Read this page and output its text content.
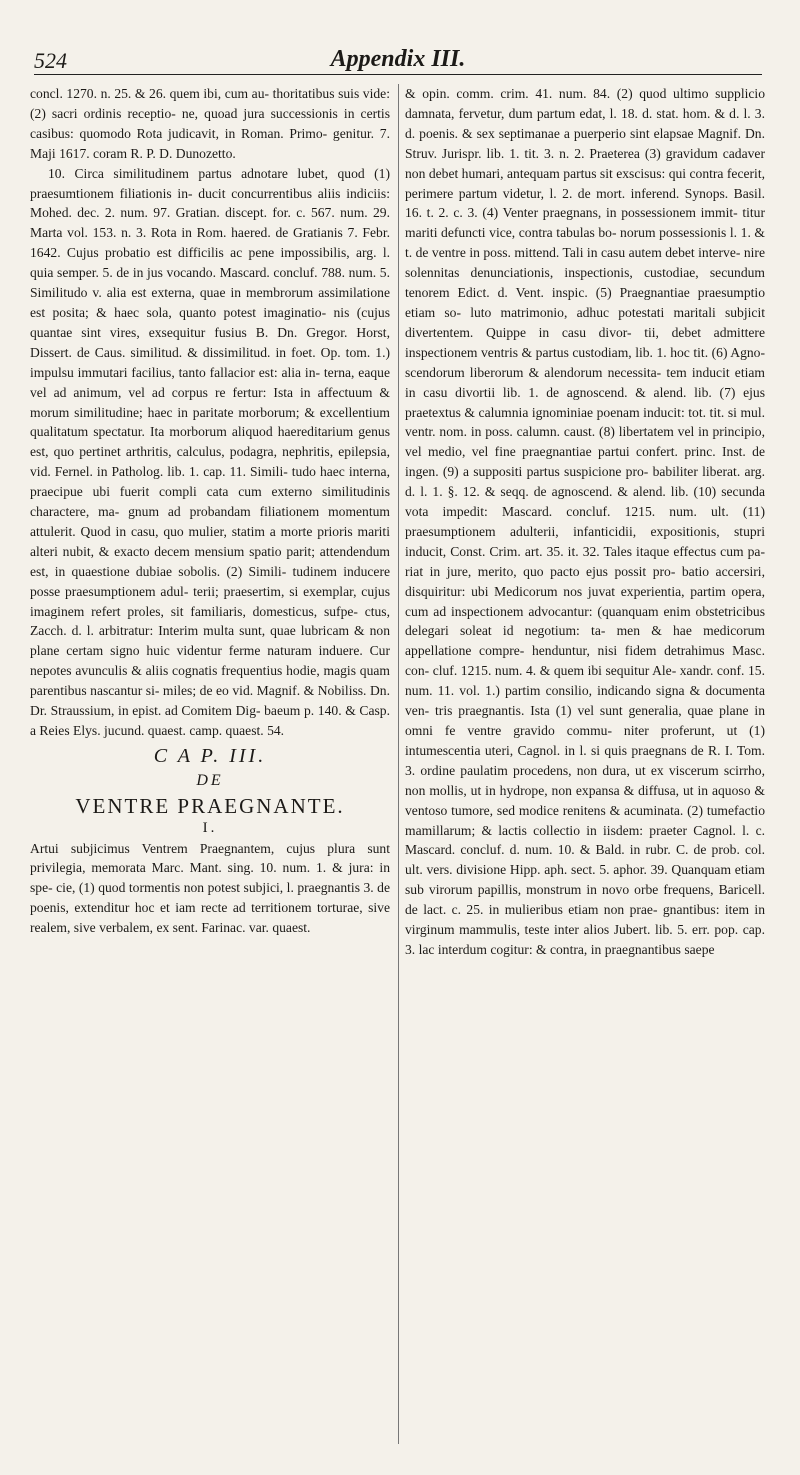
524	Appendix III.

concl. 1270. n. 25. & 26. quem ibi, cum au- thoritatibus suis vide: (2) sacri ordinis receptio- ne, quoad jura successionis in certis casibus: quomodo Rota judicavit, in Roman. Primo- genitur. 7. Maji 1617. coram R. P. D. Dunozetto.

10. Circa similitudinem partus adnotare lubet, quod (1) praesumtionem filiationis in- ducit concurrentibus aliis indiciis: Mohed. dec. 2. num. 97. Gratian. discept. for. c. 567. num. 29. Marta vol. 153. n. 3. Rota in Rom. haered. de Gratianis 7. Febr. 1642. Cujus probatio est difficilis ac pene impossibilis, arg. l. quia semper. 5. de in jus vocando. Mascard. concluf. 788. num. 5. Similitudo v. alia est externa, quae in membrorum assimilatione est posita; & haec sola, quanto potest imaginatio- nis (cujus quantae sint vires, exsequitur fusius B. Dn. Gregor. Horst, Dissert. de Caus. similitud. & dissimilitud. in foet. Op. tom. 1.) impulsu immutari facilius, tanto fallacior est: alia in- terna, eaque vel ad animum, vel ad corpus re fertur: Ista in affectuum & morum similitudine; haec in paritate morborum; & excellentium qualitatum spectatur. Ita morborum aliquod haereditarium genus est, quo pertinet arthritis, calculus, podagra, nephritis, epilepsia, vid. Fernel. in Patholog. lib. 1. cap. 11. Simili- tudo haec interna, praecipue ubi fuerit compli cata cum externo similitudinis charactere, ma- gnum ad probandam filiationem momentum attulerit. Quod in casu, quo mulier, statim a morte prioris mariti alteri nubit, & exacto decem mensium spatio parit; attendendum est, in quaestione dubiae sobolis. (2) Simili- tudinem inducere posse praesumptionem adul- terii; praesertim, si exemplar, cujus imaginem refert proles, sit familiaris, domesticus, sufpe- ctus, Zacch. d. l. arbitratur: Interim multa sunt, quae lubricam & non plane certam signo huic videntur ferme naturam induere. Cur nepotes avunculis & aliis cognatis frequentius hodie, magis quam parentibus nascantur si- miles; de eo vid. Magnif. & Nobiliss. Dn. Dr. Straussium, in epist. ad Comitem Dig- baeum p. 140. & Casp. a Reies Elys. jucund. quaest. camp. quaest. 54.

C A P. III.

DE

VENTRE PRAEGNANTE.

I.

Artui subjicimus Ventrem Praegnantem, cujus plura sunt privilegia, memorata Marc. Mant. sing. 10. num. 1. & jura: in spe- cie, (1) quod tormentis non potest subjici, l. praegnantis 3. de poenis, extenditur hoc et iam recte ad territionem torturae, sive realem, sive verbalem, ex sent. Farinac. var. quaest.

& opin. comm. crim. 41. num. 84. (2) quod ultimo supplicio damnata, fervetur, dum partum edat, l. 18. d. stat. hom. & d. l. 3. d. poenis. & sex septimanae a puerperio sint elapsae Magnif. Dn. Struv. Jurispr. lib. 1. tit. 3. n. 2. Praeterea (3) gravidum cadaver non debet humari, antequam partus sit exscisus: qui contra fecerit, perimere partum videtur, l. 2. de mort. inferend. Synops. Basil. 16. t. 2. c. 3. (4) Venter praegnans, in possessionem immit- titur mariti defuncti vice, contra tabulas bo- norum possessionis l. 1. & t. de ventre in poss. mittend. Tali in casu autem debet interve- nire solennitas denunciationis, inspectionis, custodiae, secundum tenorem Edict. d. Vent. inspic. (5) Praegnantiae praesumptio etiam so- luto matrimonio, adhuc potestati maritali subjicit divertentem. Quippe in casu divor- tii, debet admittere inspectionem ventris & partus custodiam, lib. 1. hoc tit. (6) Agno- scendorum liberorum & alendorum necessita- tem inducit etiam in casu divortii lib. 1. de agnoscend. & alend. lib. (7) ejus praetextus & calumnia ignominiae poenam inducit: tot. tit. si mul. ventr. nom. in poss. calumn. caust. (8) libertatem vel in principio, vel medio, vel fine praegnantiae partui confert. princ. Inst. de ingen. (9) a suppositi partus suspicione pro- babiliter liberat. arg. d. l. 1. §. 12. & seqq. de agnoscend. & alend. lib. (10) secunda vota impedit: Mascard. concluf. 1215. num. ult. (11) praesumptionem adulterii, infanticidii, expositionis, stupri inducit, Const. Crim. art. 35. it. 32. Tales itaque effectus cum pa- riat in jure, merito, quo pacto ejus possit pro- batio accersiri, disquiritur: ubi Medicorum nos juvat experientia, partim opera, cum ad inspectionem advocantur: (quanquam enim obstetricibus delegari soleat id negotium: ta- men & hae medicorum appellatione compre- henduntur, nisi fidem detrahimus Masc. con- cluf. 1215. num. 4. & quem ibi sequitur Ale- xandr. conf. 15. num. 11. vol. 1.) partim consilio, indicando signa & documenta ven- tris praegnantis. Ista (1) vel sunt generalia, quae plane in omni fe ventre gravido commu- niter proferunt, ut (1) intumescentia uteri, Cagnol. in l. si quis praegnans de R. I. Tom. 3. ordine paulatim procedens, non dura, ut ex viscerum scirrho, non mollis, ut in hydrope, non expansa & diffusa, ut in aquoso & ventoso tumore, sed modice renitens & acuminata. (2) tumefactio mamillarum; & lactis collectio in iisdem: praeter Cagnol. l. c. Mascard. concluf. d. num. 10. & Bald. in rubr. C. de prob. col. ult. vers. divisione Hipp. aph. sect. 5. aphor. 39. Quanquam etiam sub virorum papillis, monstrum in novo orbe frequens, Baricell. de lact. c. 25. in mulieribus etiam non prae- gnantibus: item in virginum mammulis, teste inter alios Jubert. lib. 5. err. pop. cap. 3. lac interdum cogitur: & contra, in praegnantibus saepe
